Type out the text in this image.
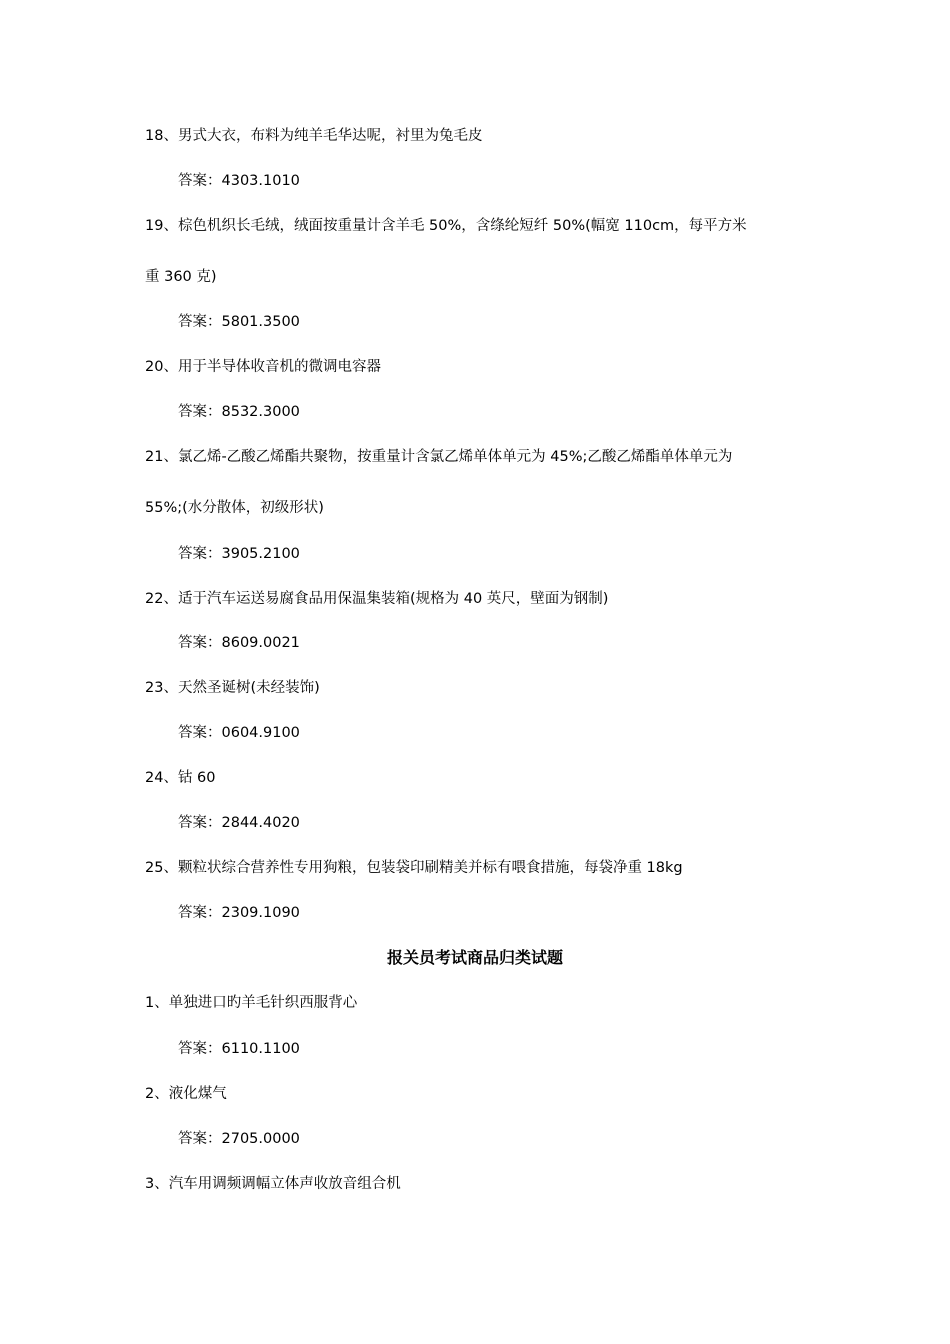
18、男式大衣，布料为纯羊毛华达呢，衬里为兔毛皮
答案：4303.1010
19、棕色机织长毛绒，绒面按重量计含羊毛 50%，含绦纶短纤 50%(幅宽 110cm，每平方米
重 360 克)
答案：5801.3500
20、用于半导体收音机的微调电容器
答案：8532.3000
21、氯乙烯-乙酸乙烯酯共聚物，按重量计含氯乙烯单体单元为 45%;乙酸乙烯酯单体单元为
55%;(水分散体，初级形状)
答案：3905.2100
22、适于汽车运送易腐食品用保温集装箱(规格为 40 英尺，壁面为钢制)
答案：8609.0021
23、天然圣诞树(未经装饰)
答案：0604.9100
24、钴 60
答案：2844.4020
25、颗粒状综合营养性专用狗粮，包装袋印刷精美并标有喂食措施，每袋净重 18kg
答案：2309.1090
报关员考试商品归类试题
1、单独进口旳羊毛针织西服背心
答案：6110.1100
2、液化煤气
答案：2705.0000
3、汽车用调频调幅立体声收放音组合机
